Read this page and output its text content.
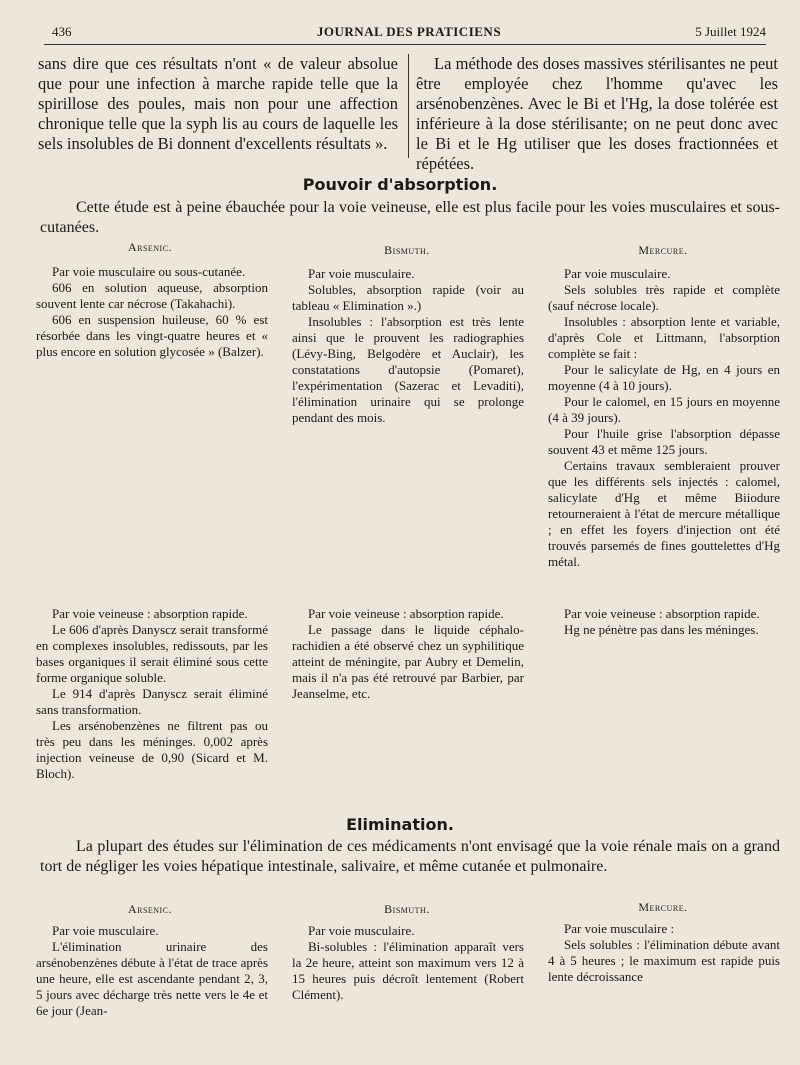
436	JOURNAL DES PRATICIENS	5 Juillet 1924

sans dire que ces résultats n'ont « de valeur absolue que pour une infection à marche rapide telle que la spirillose des poules, mais non pour une affection chronique telle que la syph lis au cours de laquelle les sels insolubles de Bi donnent d'excellents résultats ».

La méthode des doses massives stérilisantes ne peut être employée chez l'homme qu'avec les arsénobenzènes. Avec le Bi et l'Hg, la dose tolérée est inférieure à la dose stérilisante; on ne peut donc avec le Bi et le Hg utiliser que les doses fractionnées et répétées.

Pouvoir d'absorption.

Cette étude est à peine ébauchée pour la voie veineuse, elle est plus facile pour les voies musculaires et sous-cutanées.

Arsenic.	Bismuth.	Mercure.

Par voie musculaire ou sous-cutanée.

606 en solution aqueuse, absorption souvent lente car nécrose (Takahachi).

606 en suspension huileuse, 60 % est résorbée dans les vingt-quatre heures et « plus encore en solution glycosée » (Balzer).

Par voie musculaire.

Solubles, absorption rapide (voir au tableau « Elimination ».)

Insolubles : l'absorption est très lente ainsi que le prouvent les radiographies (Lévy-Bing, Belgodère et Auclair), les constatations d'autopsie (Pomaret), l'expérimentation (Sazerac et Levaditi), l'élimination urinaire qui se prolonge pendant des mois.

Par voie musculaire.

Sels solubles très rapide et complète (sauf nécrose locale).

Insolubles : absorption lente et variable, d'après Cole et Littmann, l'absorption complète se fait :

Pour le salicylate de Hg, en 4 jours en moyenne (4 à 10 jours).

Pour le calomel, en 15 jours en moyenne (4 à 39 jours).

Pour l'huile grise l'absorption dépasse souvent 43 et même 125 jours.

Certains travaux sembleraient prouver que les différents sels injectés : calomel, salicylate d'Hg et même Biiodure retourneraient à l'état de mercure métallique ; en effet les foyers d'injection ont été trouvés parsemés de fines gouttelettes d'Hg métal.

Par voie veineuse : absorption rapide.

Le 606 d'après Danyscz serait transformé en complexes insolubles, redissouts, par les bases organiques il serait éliminé sous cette forme organique soluble.

Le 914 d'après Danyscz serait éliminé sans transformation.

Les arsénobenzènes ne filtrent pas ou très peu dans les méninges. 0,002 après injection veineuse de 0,90 (Sicard et M. Bloch).

Par voie veineuse : absorption rapide.

Le passage dans le liquide céphalo-rachidien a été observé chez un syphilitique atteint de méningite, par Aubry et Demelin, mais il n'a pas été retrouvé par Barbier, par Jeanselme, etc.

Par voie veineuse : absorption rapide.

Hg ne pénètre pas dans les méninges.

Elimination.

La plupart des études sur l'élimination de ces médicaments n'ont envisagé que la voie rénale mais on a grand tort de négliger les voies hépatique intestinale, salivaire, et même cutanée et pulmonaire.

Arsenic.	Bismuth.	Mercure.

Par voie musculaire.

L'élimination urinaire des arsénobenzènes débute à l'état de trace après une heure, elle est ascendante pendant 2, 3, 5 jours avec décharge très nette vers le 4e et 6e jour (Jean-

Par voie musculaire.

Bi-solubles : l'élimination apparaît vers la 2e heure, atteint son maximum vers 12 à 15 heures puis décroît lentement (Robert Clément).

Par voie musculaire :

Sels solubles : l'élimination débute avant 4 à 5 heures ; le maximum est rapide puis lente décroissance
